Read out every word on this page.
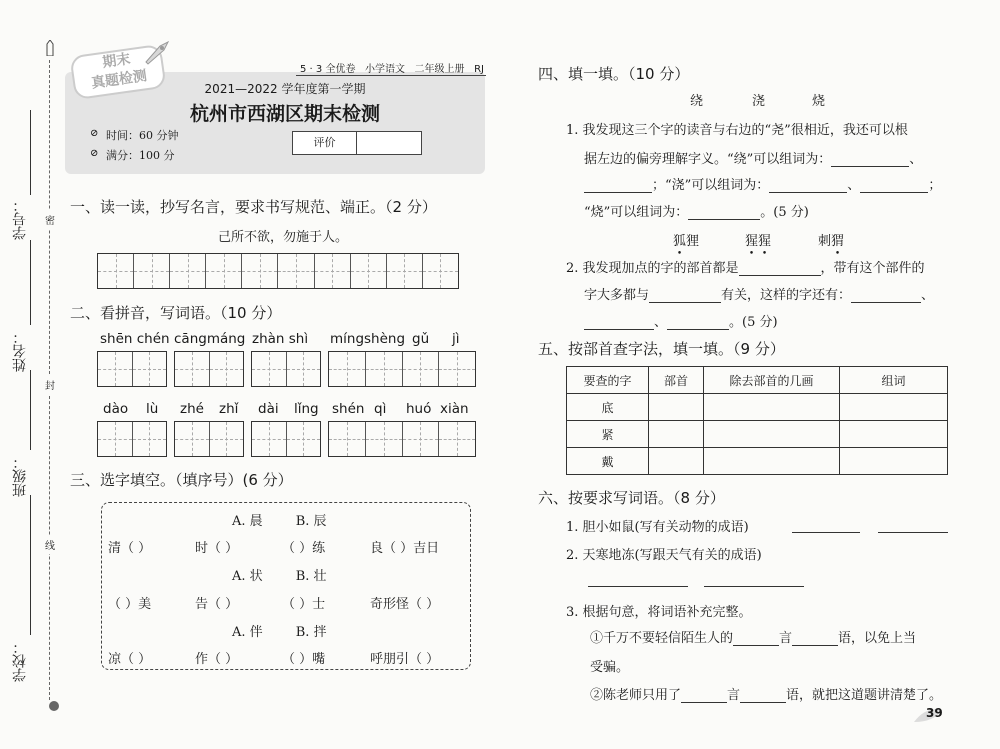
学号：
姓名：
班级：
学校：
密
封
线
期末
真题检测	5 · 3 全优卷 小学语文 二年级上册 RJ
2021—2022 学年度第一学期
杭州市西湖区期末检测
⊘ 时间：60 分钟
⊘ 满分：100 分
评价
一、读一读，抄写名言，要求书写规范、端正。（2 分）
己所不欲，勿施于人。
二、看拼音，写词语。（10 分）
shēn chén cāngmáng zhàn shì míngshèng gǔ jì
dào lù zhé zhǐ dài lǐng shén qì huó xiàn
三、选字填空。（填序号）(6 分）
A. 晨        B. 辰
清（ ）	时（ ）	（ ）练	良（ ）吉日
A. 状        B. 壮
（ ）美	告（ ）	（ ）士	奇形怪（ ）
A. 伴        B. 拌
凉（ ）	作（ ）	（ ）嘴	呼朋引（ ）
四、填一填。（10 分）
绕	浇	烧
1. 我发现这三个字的读音与右边的“尧”很相近，我还可以根
据左边的偏旁理解字义。“绕”可以组词为：	、
；“浇”可以组词为：	、	；
“烧”可以组词为：	。(5 分)
狐狸	猩猩	刺猬
2. 我发现加点的字的部首都是	，带有这个部件的
字大多都与	有关，这样的字还有：	、
、	。(5 分)
五、按部首查字法，填一填。（9 分）
要查的字	部首	除去部首的几画	组词
底			
紧			
戴			
六、按要求写词语。（8 分）
1. 胆小如鼠(写有关动物的成语)
2. 天寒地冻(写跟天气有关的成语)
3. 根据句意，将词语补充完整。
①千万不要轻信陌生人的	言	语，以免上当
受骗。
②陈老师只用了	言	语，就把这道题讲清楚了。
39
